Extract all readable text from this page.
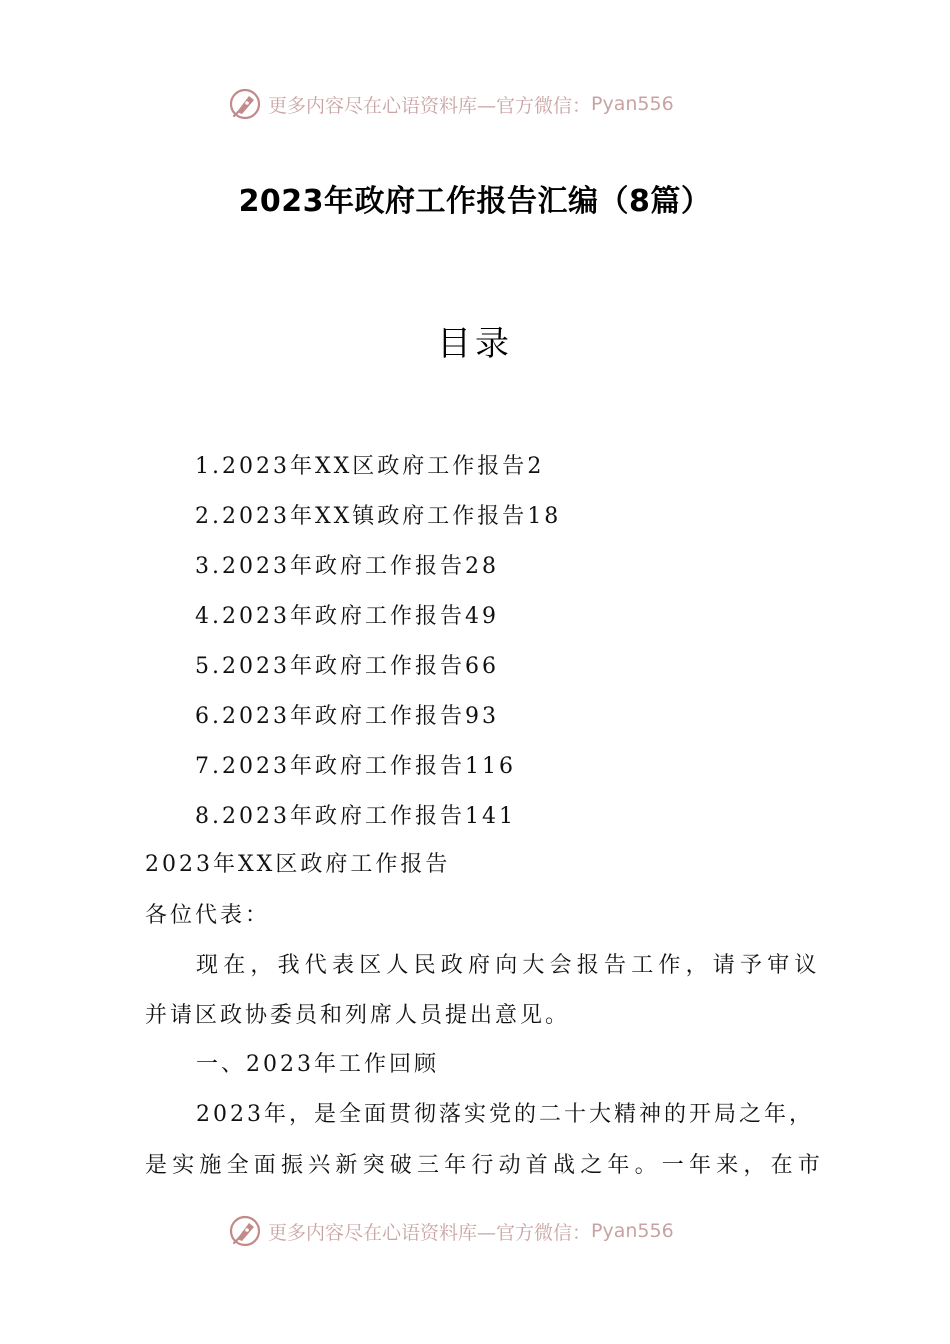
更多内容尽在心语资料库—官方微信： Pyan556
2023年政府工作报告汇编（8篇）
目录
1.2023年XX区政府工作报告2
2.2023年XX镇政府工作报告18
3.2023年政府工作报告28
4.2023年政府工作报告49
5.2023年政府工作报告66
6.2023年政府工作报告93
7.2023年政府工作报告116
8.2023年政府工作报告141
2023年XX区政府工作报告
各位代表：
现在，我代表区人民政府向大会报告工作，请予审议
并请区政协委员和列席人员提出意见。
一、2023年工作回顾
2023年，是全面贯彻落实党的二十大精神的开局之年，
是实施全面振兴新突破三年行动首战之年。一年来，在市
更多内容尽在心语资料库—官方微信： Pyan556
